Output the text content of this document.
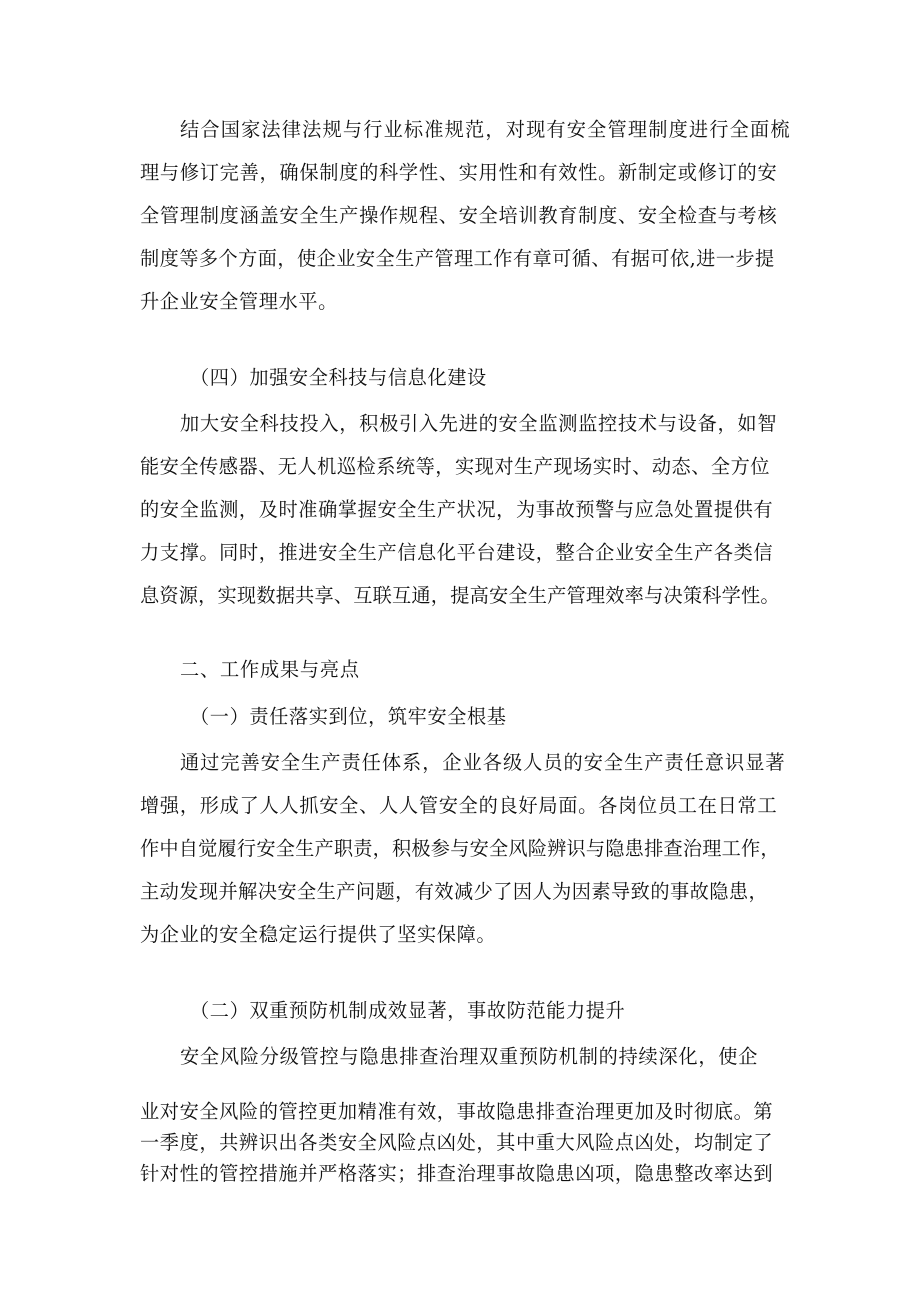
结合国家法律法规与行业标准规范，对现有安全管理制度进行全面梳
理与修订完善，确保制度的科学性、实用性和有效性。新制定或修订的安
全管理制度涵盖安全生产操作规程、安全培训教育制度、安全检查与考核
制度等多个方面，使企业安全生产管理工作有章可循、有据可依,进一步提
升企业安全管理水平。
（四）加强安全科技与信息化建设
加大安全科技投入，积极引入先进的安全监测监控技术与设备，如智
能安全传感器、无人机巡检系统等，实现对生产现场实时、动态、全方位
的安全监测，及时准确掌握安全生产状况，为事故预警与应急处置提供有
力支撑。同时，推进安全生产信息化平台建设，整合企业安全生产各类信
息资源，实现数据共享、互联互通，提高安全生产管理效率与决策科学性。
二、工作成果与亮点
（一）责任落实到位，筑牢安全根基
通过完善安全生产责任体系，企业各级人员的安全生产责任意识显著
增强，形成了人人抓安全、人人管安全的良好局面。各岗位员工在日常工
作中自觉履行安全生产职责，积极参与安全风险辨识与隐患排查治理工作，
主动发现并解决安全生产问题，有效减少了因人为因素导致的事故隐患，
为企业的安全稳定运行提供了坚实保障。
（二）双重预防机制成效显著，事故防范能力提升
安全风险分级管控与隐患排查治理双重预防机制的持续深化，使企
业对安全风险的管控更加精准有效，事故隐患排查治理更加及时彻底。第
一季度，共辨识出各类安全风险点凶处，其中重大风险点凶处，均制定了
针对性的管控措施并严格落实；排查治理事故隐患凶项，隐患整改率达到
